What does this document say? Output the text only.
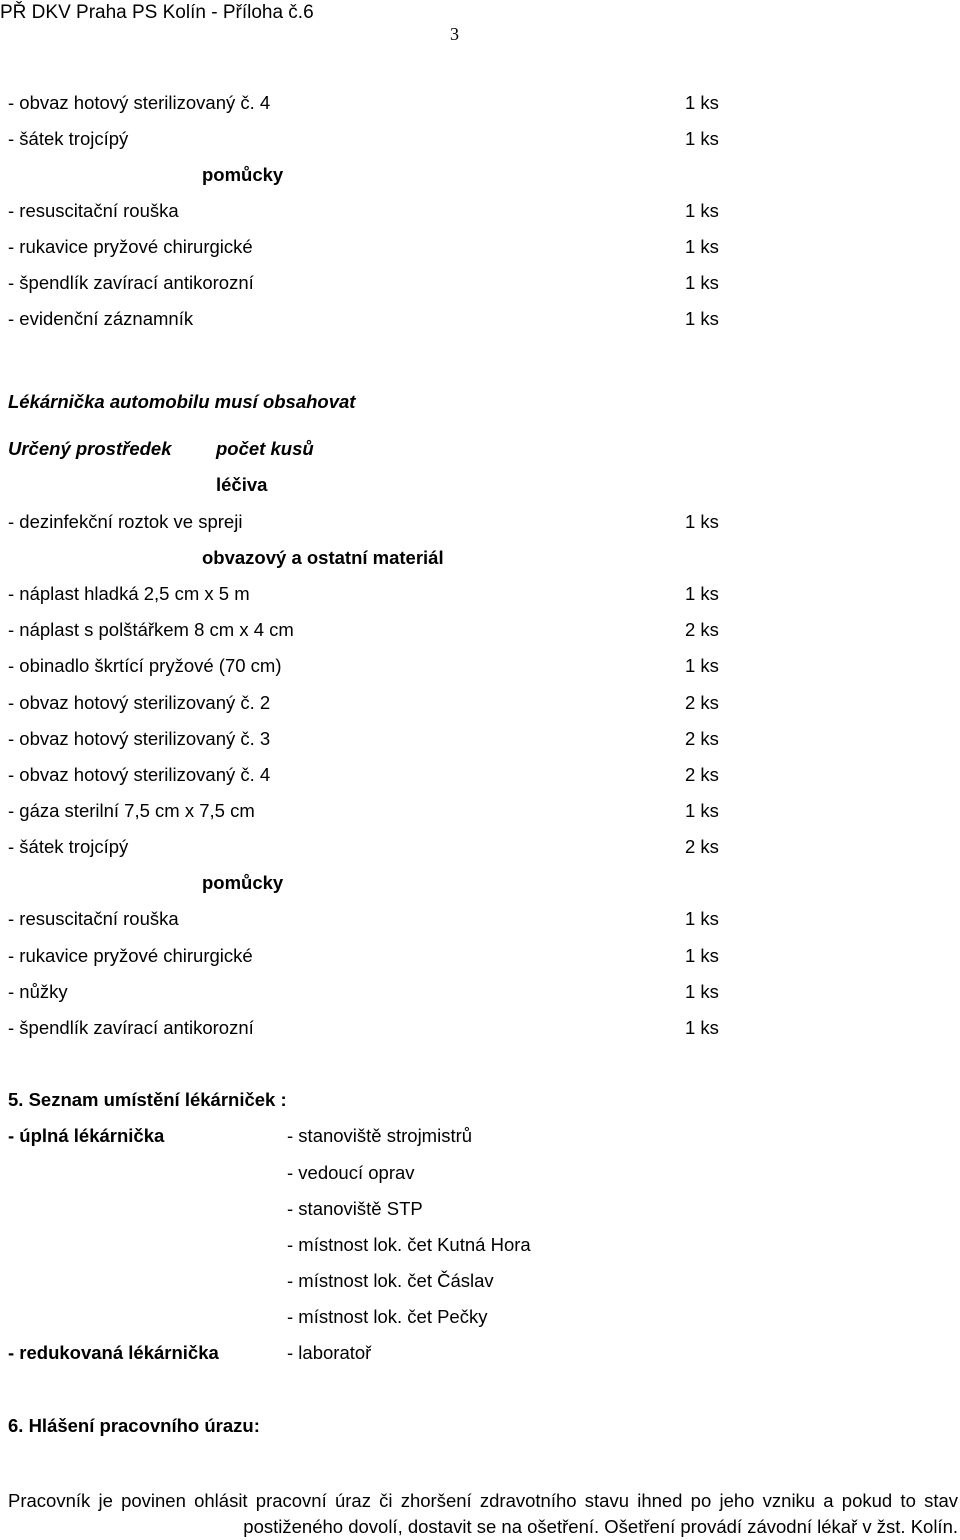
PŘ DKV Praha PS Kolín - Příloha č.6
3
- obvaz hotový sterilizovaný č. 4	1 ks
- šátek trojcípý	1 ks
pomůcky
- resuscitační rouška	1 ks
- rukavice pryžové chirurgické	1 ks
- špendlík zavírací antikorozní	1 ks
- evidenční záznamník	1 ks
Lékárnička automobilu musí obsahovat
Určený prostředek počet kusů
léčiva
- dezinfekční roztok ve spreji	1 ks
obvazový a ostatní materiál
- náplast hladká 2,5 cm x 5 m	1 ks
- náplast s polštářkem 8 cm x 4 cm	2 ks
- obinadlo škrtící pryžové (70 cm)	1 ks
- obvaz hotový sterilizovaný č. 2	2 ks
- obvaz hotový sterilizovaný č. 3	2 ks
- obvaz hotový sterilizovaný č. 4	2 ks
- gáza sterilní 7,5 cm x 7,5 cm	1 ks
- šátek trojcípý	2 ks
pomůcky
- resuscitační rouška	1 ks
- rukavice pryžové chirurgické	1 ks
- nůžky	1 ks
- špendlík zavírací antikorozní	1 ks
5. Seznam umístění lékárniček :
- úplná lékárnička	- stanoviště strojmistrů
- vedoucí oprav
- stanoviště STP
- místnost lok. čet Kutná Hora
- místnost lok. čet Čáslav
- místnost lok. čet Pečky
- redukovaná lékárnička	- laboratoř
6. Hlášení pracovního úrazu:
Pracovník je povinen ohlásit pracovní úraz či zhoršení zdravotního stavu ihned po jeho vzniku a pokud to stav postiženého dovolí, dostavit se na ošetření. Ošetření provádí závodní lékař v žst. Kolín.
